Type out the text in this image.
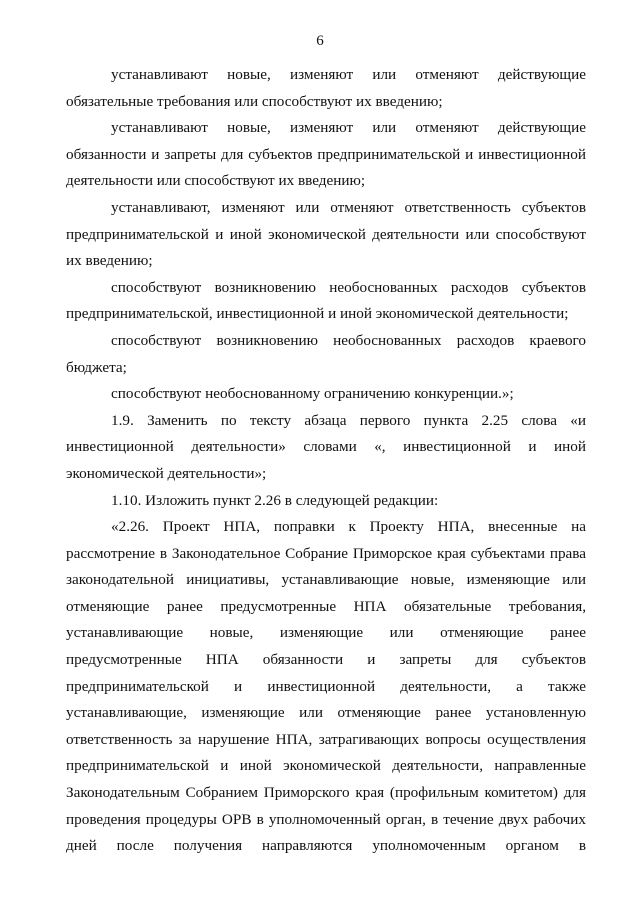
6

устанавливают новые, изменяют или отменяют действующие обязательные требования или способствуют их введению;

устанавливают новые, изменяют или отменяют действующие обязанности и запреты для субъектов предпринимательской и инвестиционной деятельности или способствуют их введению;

устанавливают, изменяют или отменяют ответственность субъектов предпринимательской и иной экономической деятельности или способствуют их введению;

способствуют возникновению необоснованных расходов субъектов предпринимательской, инвестиционной и иной экономической деятельности;

способствуют возникновению необоснованных расходов краевого бюджета;

способствуют необоснованному ограничению конкуренции.»;

1.9. Заменить по тексту абзаца первого пункта 2.25 слова «и инвестиционной деятельности» словами «, инвестиционной и иной экономической деятельности»;

1.10. Изложить пункт 2.26 в следующей редакции:

«2.26. Проект НПА, поправки к Проекту НПА, внесенные на рассмотрение в Законодательное Собрание Приморское края субъектами права законодательной инициативы, устанавливающие новые, изменяющие или отменяющие ранее предусмотренные НПА обязательные требования, устанавливающие новые, изменяющие или отменяющие ранее предусмотренные НПА обязанности и запреты для субъектов предпринимательской и инвестиционной деятельности, а также устанавливающие, изменяющие или отменяющие ранее установленную ответственность за нарушение НПА, затрагивающих вопросы осуществления предпринимательской и иной экономической деятельности, направленные Законодательным Собранием Приморского края (профильным комитетом) для проведения процедуры ОРВ в уполномоченный орган, в течение двух рабочих дней после получения направляются уполномоченным органом в
